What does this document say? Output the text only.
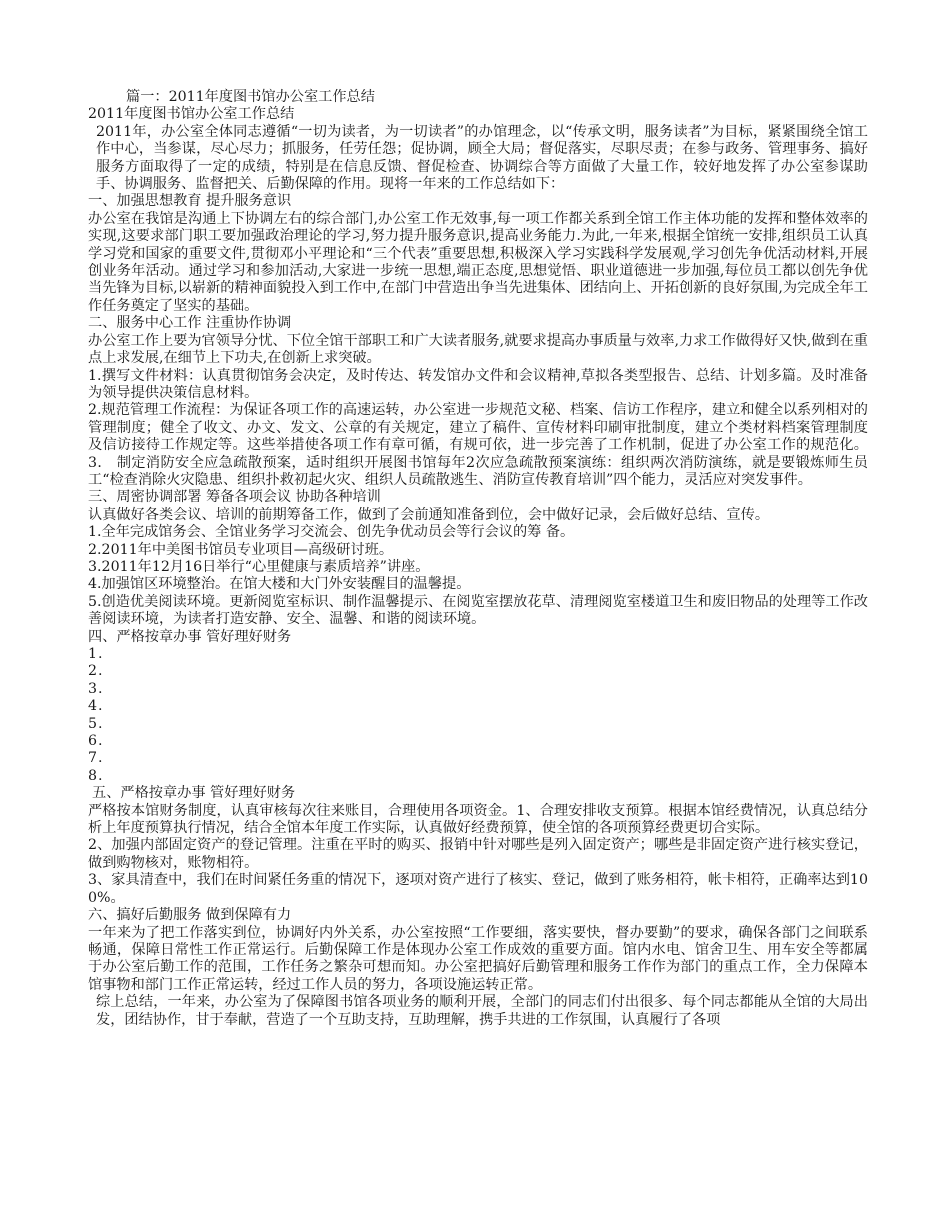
篇一：2011年度图书馆办公室工作总结

2011年度图书馆办公室工作总结

2011年，办公室全体同志遵循“一切为读者，为一切读者”的办馆理念，以“传承文明，服务读者”为目标，紧紧围绕全馆工作中心，当参谋，尽心尽力；抓服务，任劳任怨；促协调，顾全大局；督促落实，尽职尽责；在参与政务、管理事务、搞好服务方面取得了一定的成绩，特别是在信息反馈、督促检查、协调综合等方面做了大量工作，较好地发挥了办公室参谋助手、协调服务、监督把关、后勤保障的作用。现将一年来的工作总结如下：

一、加强思想教育 提升服务意识

办公室在我馆是沟通上下协调左右的综合部门,办公室工作无效事,每一项工作都关系到全馆工作主体功能的发挥和整体效率的实现,这要求部门职工要加强政治理论的学习,努力提升服务意识,提高业务能力.为此,一年来,根据全馆统一安排,组织员工认真学习党和国家的重要文件,贯彻邓小平理论和“三个代表”重要思想,积极深入学习实践科学发展观,学习创先争优活动材料,开展创业务年活动。通过学习和参加活动,大家进一步统一思想,端正态度,思想觉悟、职业道德进一步加强,每位员工都以创先争优当先锋为目标,以崭新的精神面貌投入到工作中,在部门中营造出争当先进集体、团结向上、开拓创新的良好氛围,为完成全年工作任务奠定了坚实的基础。

二、服务中心工作 注重协作协调

办公室工作上要为官领导分忧、下位全馆干部职工和广大读者服务,就要求提高办事质量与效率,力求工作做得好又快,做到在重点上求发展,在细节上下功夫,在创新上求突破。

1.撰写文件材料：认真贯彻馆务会决定，及时传达、转发馆办文件和会议精神,草拟各类型报告、总结、计划多篇。及时准备为领导提供决策信息材料。

2.规范管理工作流程：为保证各项工作的高速运转，办公室进一步规范文秘、档案、信访工作程序，建立和健全以系列相对的管理制度；健全了收文、办文、发文、公章的有关规定，建立了稿件、宣传材料印刷审批制度，建立个类材料档案管理制度及信访接待工作规定等。这些举措使各项工作有章可循，有规可依，进一步完善了工作机制，促进了办公室工作的规范化。3． 制定消防安全应急疏散预案，适时组织开展图书馆每年2次应急疏散预案演练：组织两次消防演练，就是要锻炼师生员工“检查消除火灾隐患、组织扑救初起火灾、组织人员疏散逃生、消防宣传教育培训”四个能力，灵活应对突发事件。

三、周密协调部署 筹备各项会议 协助各种培训

认真做好各类会议、培训的前期筹备工作，做到了会前通知准备到位，会中做好记录，会后做好总结、宣传。

1.全年完成馆务会、全馆业务学习交流会、创先争优动员会等行会议的筹 备。

2.2011年中美图书馆员专业项目—高级研讨班。

3.2011年12月16日举行“心里健康与素质培养”讲座。

4.加强馆区环境整治。在馆大楼和大门外安装醒目的温馨提。

5.创造优美阅读环境。更新阅览室标识、制作温馨提示、在阅览室摆放花草、清理阅览室楼道卫生和废旧物品的处理等工作改善阅读环境，为读者打造安静、安全、温馨、和谐的阅读环境。

四、严格按章办事 管好理好财务

1.

2.

3.

4.

5.

6.

7.

8.

五、严格按章办事 管好理好财务

严格按本馆财务制度，认真审核每次往来账目，合理使用各项资金。1、合理安排收支预算。根据本馆经费情况，认真总结分析上年度预算执行情况，结合全馆本年度工作实际，认真做好经费预算，使全馆的各项预算经费更切合实际。

2、加强内部固定资产的登记管理。注重在平时的购买、报销中针对哪些是列入固定资产；哪些是非固定资产进行核实登记，做到购物核对，账物相符。

3、家具清查中，我们在时间紧任务重的情况下，逐项对资产进行了核实、登记，做到了账务相符，帐卡相符，正确率达到100%。

六、搞好后勤服务 做到保障有力

一年来为了把工作落实到位，协调好内外关系，办公室按照“工作要细，落实要快，督办要勤”的要求，确保各部门之间联系畅通，保障日常性工作正常运行。后勤保障工作是体现办公室工作成效的重要方面。馆内水电、馆舍卫生、用车安全等都属于办公室后勤工作的范围，工作任务之繁杂可想而知。办公室把搞好后勤管理和服务工作作为部门的重点工作，全力保障本馆事物和部门工作正常运转，经过工作人员的努力，各项设施运转正常。

综上总结，一年来，办公室为了保障图书馆各项业务的顺利开展，全部门的同志们付出很多、每个同志都能从全馆的大局出发，团结协作，甘于奉献，营造了一个互助支持，互助理解，携手共进的工作氛围，认真履行了各项
